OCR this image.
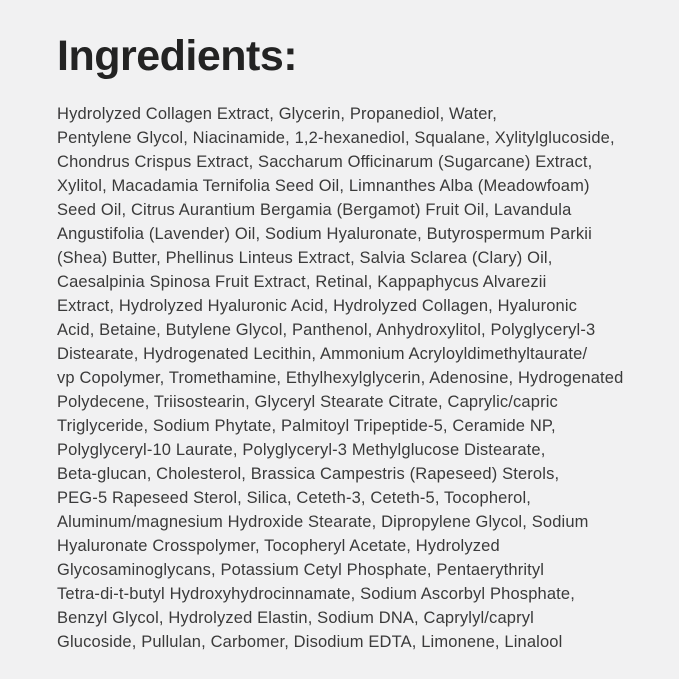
Ingredients:
Hydrolyzed Collagen Extract, Glycerin, Propanediol, Water,
Pentylene Glycol, Niacinamide, 1,2-hexanediol, Squalane, Xylitylglucoside,
Chondrus Crispus Extract, Saccharum Officinarum (Sugarcane) Extract,
Xylitol, Macadamia Ternifolia Seed Oil, Limnanthes Alba (Meadowfoam)
Seed Oil, Citrus Aurantium Bergamia (Bergamot) Fruit Oil, Lavandula
Angustifolia (Lavender) Oil, Sodium Hyaluronate, Butyrospermum Parkii
(Shea) Butter, Phellinus Linteus Extract, Salvia Sclarea (Clary) Oil,
Caesalpinia Spinosa Fruit Extract, Retinal, Kappaphycus Alvarezii
Extract, Hydrolyzed Hyaluronic Acid, Hydrolyzed Collagen, Hyaluronic
Acid, Betaine, Butylene Glycol, Panthenol, Anhydroxylitol, Polyglyceryl-3
Distearate, Hydrogenated Lecithin, Ammonium Acryloyldimethyltaurate/
vp Copolymer, Tromethamine, Ethylhexylglycerin, Adenosine, Hydrogenated
Polydecene, Triisostearin, Glyceryl Stearate Citrate, Caprylic/capric
Triglyceride, Sodium Phytate, Palmitoyl Tripeptide-5, Ceramide NP,
Polyglyceryl-10 Laurate, Polyglyceryl-3 Methylglucose Distearate,
Beta-glucan, Cholesterol, Brassica Campestris (Rapeseed) Sterols,
PEG-5 Rapeseed Sterol, Silica, Ceteth-3, Ceteth-5, Tocopherol,
Aluminum/magnesium Hydroxide Stearate, Dipropylene Glycol, Sodium
Hyaluronate Crosspolymer, Tocopheryl Acetate, Hydrolyzed
Glycosaminoglycans, Potassium Cetyl Phosphate, Pentaerythrityl
Tetra-di-t-butyl Hydroxyhydrocinnamate, Sodium Ascorbyl Phosphate,
Benzyl Glycol, Hydrolyzed Elastin, Sodium DNA, Caprylyl/capryl
Glucoside, Pullulan, Carbomer, Disodium EDTA, Limonene, Linalool
